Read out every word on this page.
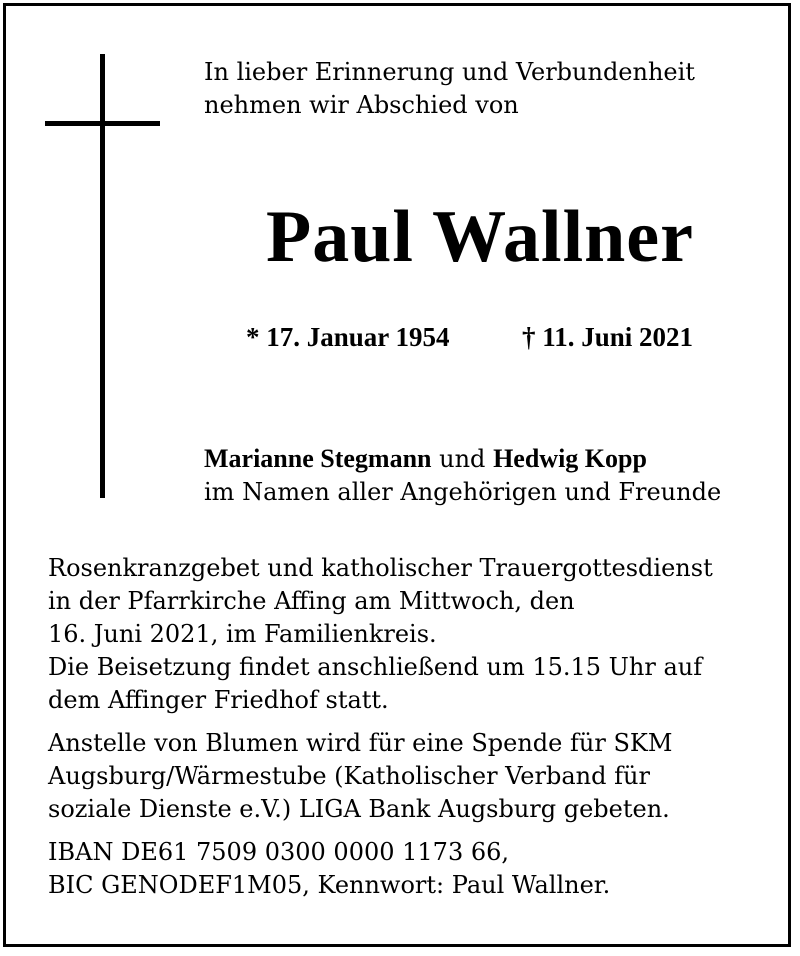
In lieber Erinnerung und Verbundenheit
nehmen wir Abschied von
Paul Wallner
* 17. Januar 1954	† 11. Juni 2021
Marianne Stegmann und Hedwig Kopp
im Namen aller Angehörigen und Freunde
Rosenkranzgebet und katholischer Trauergottesdienst
in der Pfarrkirche Affing am Mittwoch, den
16. Juni 2021, im Familienkreis.
Die Beisetzung findet anschließend um 15.15 Uhr auf
dem Affinger Friedhof statt.
Anstelle von Blumen wird für eine Spende für SKM
Augsburg/Wärmestube (Katholischer Verband für
soziale Dienste e.V.) LIGA Bank Augsburg gebeten.
IBAN DE61 7509 0300 0000 1173 66,
BIC GENODEF1M05, Kennwort: Paul Wallner.
